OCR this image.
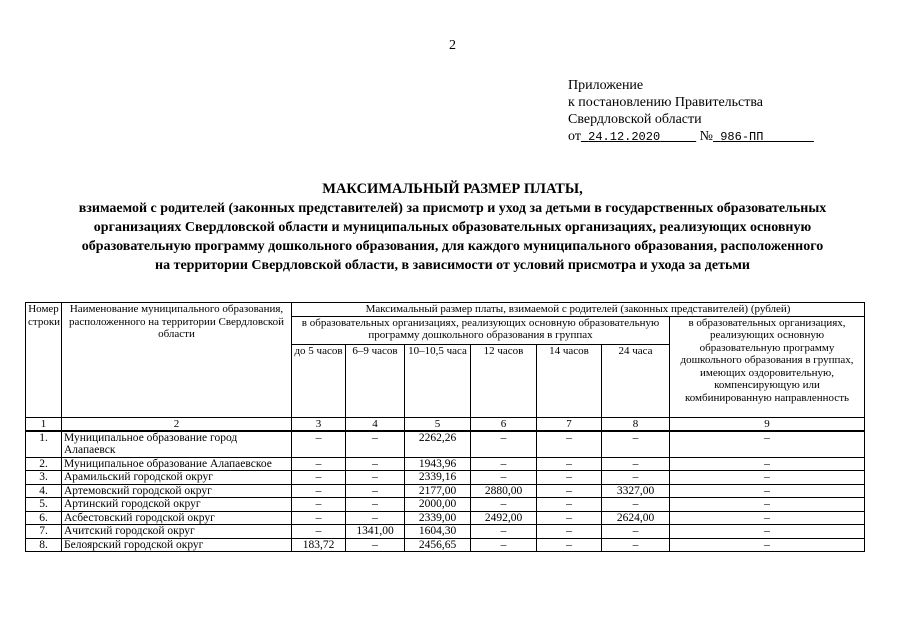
2
Приложение
к постановлению Правительства
Свердловской области
от 24.12.2020	№ 986-ПП
МАКСИМАЛЬНЫЙ РАЗМЕР ПЛАТЫ,
взимаемой с родителей (законных представителей) за присмотр и уход за детьми в государственных образовательных
организациях Свердловской области и муниципальных образовательных организациях, реализующих основную
образовательную программу дошкольного образования, для каждого муниципального образования, расположенного
на территории Свердловской области, в зависимости от условий присмотра и ухода за детьми
Номер строки	Наименование муниципального образования, расположенного на территории Свердловской области	Максимальный размер платы, взимаемой с родителей (законных представителей) (рублей)						
		в образовательных организациях, реализующих основную образовательную программу дошкольного образования в группах						в образовательных организациях, реализующих основную образовательную программу дошкольного образования в группах, имеющих оздоровительную, компенсирующую или комбинированную направленность
		до 5 часов	6–9 часов	10–10,5 часа	12 часов	14 часов	24 часа	
1	2	3	4	5	6	7	8	9
1.	Муниципальное образование город Алапаевск	–	–	2262,26	–	–	–	–
2.	Муниципальное образование Алапаевское	–	–	1943,96	–	–	–	–
3.	Арамильский городской округ	–	–	2339,16	–	–	–	–
4.	Артемовский городской округ	–	–	2177,00	2880,00	–	3327,00	–
5.	Артинский городской округ	–	–	2000,00	–	–	–	–
6.	Асбестовский городской округ	–	–	2339,00	2492,00	–	2624,00	–
7.	Ачитский городской округ	–	1341,00	1604,30	–	–	–	–
8.	Белоярский городской округ	183,72	–	2456,65	–	–	–	–
